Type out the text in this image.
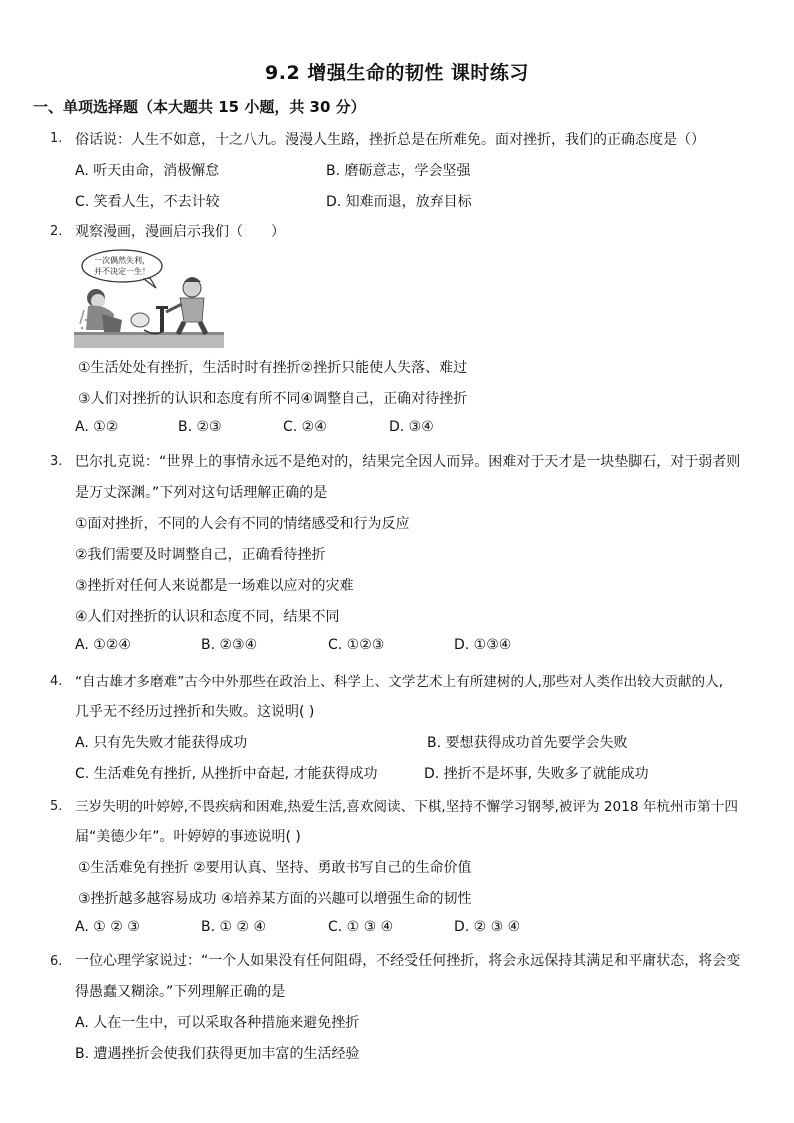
9.2 增强生命的韧性 课时练习
一、单项选择题（本大题共 15 小题，共 30 分）
1. 俗话说：人生不如意，十之八九。漫漫人生路，挫折总是在所难免。面对挫折，我们的正确态度是（）
A. 听天由命，消极懈怠	B. 磨砺意志，学会坚强
C. 笑看人生，不去计较	D. 知难而退，放弃目标
2. 观察漫画，漫画启示我们（　　）
一次偶然失利，
并不决定一生！
①生活处处有挫折，生活时时有挫折②挫折只能使人失落、难过
③人们对挫折的认识和态度有所不同④调整自己，正确对待挫折
A. ①②	B. ②③	C. ②④	D. ③④
3. 巴尔扎克说：“世界上的事情永远不是绝对的，结果完全因人而异。困难对于天才是一块垫脚石，对于弱者则
是万丈深渊。”下列对这句话理解正确的是
①面对挫折，不同的人会有不同的情绪感受和行为反应
②我们需要及时调整自己，正确看待挫折
③挫折对任何人来说都是一场难以应对的灾难
④人们对挫折的认识和态度不同，结果不同
A. ①②④	B. ②③④	C. ①②③	D. ①③④
4. “自古雄才多磨难”古今中外那些在政治上、科学上、文学艺术上有所建树的人,那些对人类作出较大贡献的人,
几乎无不经历过挫折和失败。这说明( )
A. 只有先失败才能获得成功	B. 要想获得成功首先要学会失败
C. 生活难免有挫折, 从挫折中奋起, 才能获得成功	D. 挫折不是坏事, 失败多了就能成功
5. 三岁失明的叶婷婷,不畏疾病和困难,热爱生活,喜欢阅读、下棋,坚持不懈学习钢琴,被评为 2018 年杭州市第十四
届“美德少年”。叶婷婷的事迹说明( )
①生活难免有挫折 ②要用认真、坚持、勇敢书写自己的生命价值
③挫折越多越容易成功 ④培养某方面的兴趣可以增强生命的韧性
A. ① ② ③	B. ① ② ④	C. ① ③ ④	D. ② ③ ④
6. 一位心理学家说过：“一个人如果没有任何阻碍，不经受任何挫折，将会永远保持其满足和平庸状态，将会变
得愚蠢又糊涂。”下列理解正确的是
A. 人在一生中，可以采取各种措施来避免挫折
B. 遭遇挫折会使我们获得更加丰富的生活经验
